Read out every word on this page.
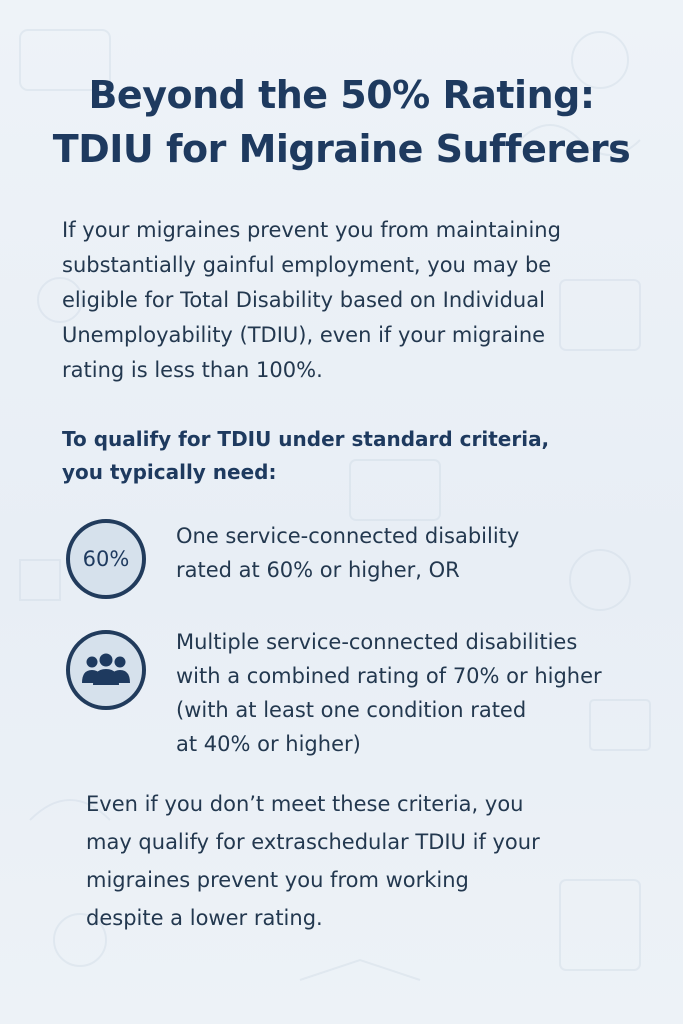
Beyond the 50% Rating:
TDIU for Migraine Sufferers

If your migraines prevent you from maintaining
substantially gainful employment, you may be
eligible for Total Disability based on Individual
Unemployability (TDIU), even if your migraine
rating is less than 100%.

To qualify for TDIU under standard criteria,
you typically need:
60%

One service-connected disability
rated at 60% or higher, OR

Multiple service-connected disabilities
with a combined rating of 70% or higher
(with at least one condition rated
at 40% or higher)

Even if you don’t meet these criteria, you
may qualify for extraschedular TDIU if your
migraines prevent you from working
despite a lower rating.
